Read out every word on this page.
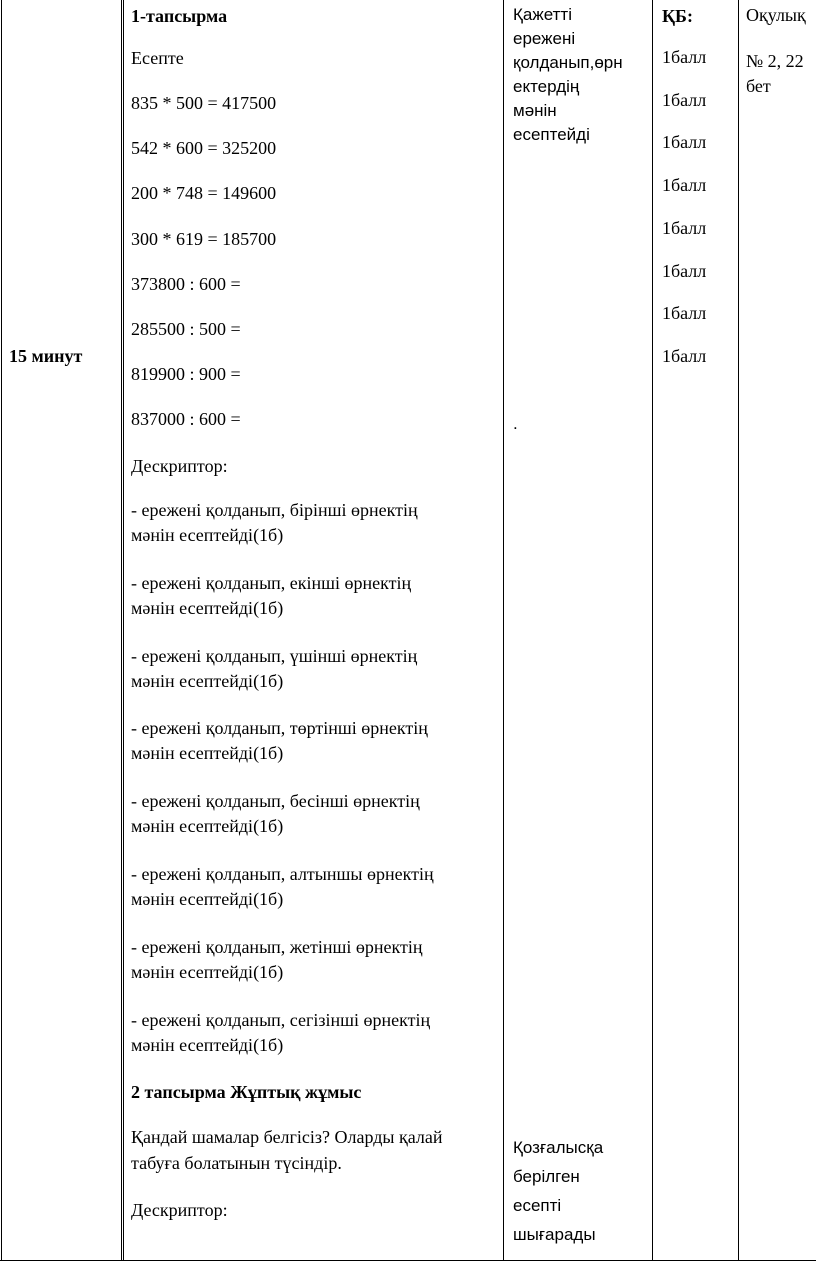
15 минут
1-тапсырма
Есепте
835 * 500 = 417500
542 * 600 = 325200
200 * 748 = 149600
300 * 619 = 185700
373800 : 600 =
285500 : 500 =
819900 : 900 =
837000 : 600 =
Дескриптор:
- ережені қолданып, бірінші өрнектің
мәнін есептейді(1б)
- ережені қолданып, екінші өрнектің
мәнін есептейді(1б)
- ережені қолданып, үшінші өрнектің
мәнін есептейді(1б)
- ережені қолданып, төртінші өрнектің
мәнін есептейді(1б)
- ережені қолданып, бесінші өрнектің
мәнін есептейді(1б)
- ережені қолданып, алтыншы өрнектің
мәнін есептейді(1б)
- ережені қолданып, жетінші өрнектің
мәнін есептейді(1б)
- ережені қолданып, сегізінші өрнектің
мәнін есептейді(1б)
2 тапсырма Жұптық жұмыс
Қандай шамалар белгісіз? Оларды қалай
табуға болатынын түсіндір.
Дескриптор:
Қажетті
ережені
қолданып,өрн
ектердің
мәнін
есептейді
.
Қозғалысқа
берілген
есепті
шығарады
ҚБ:
1балл
1балл
1балл
1балл
1балл
1балл
1балл
1балл
Оқулық
№ 2, 22
бет
